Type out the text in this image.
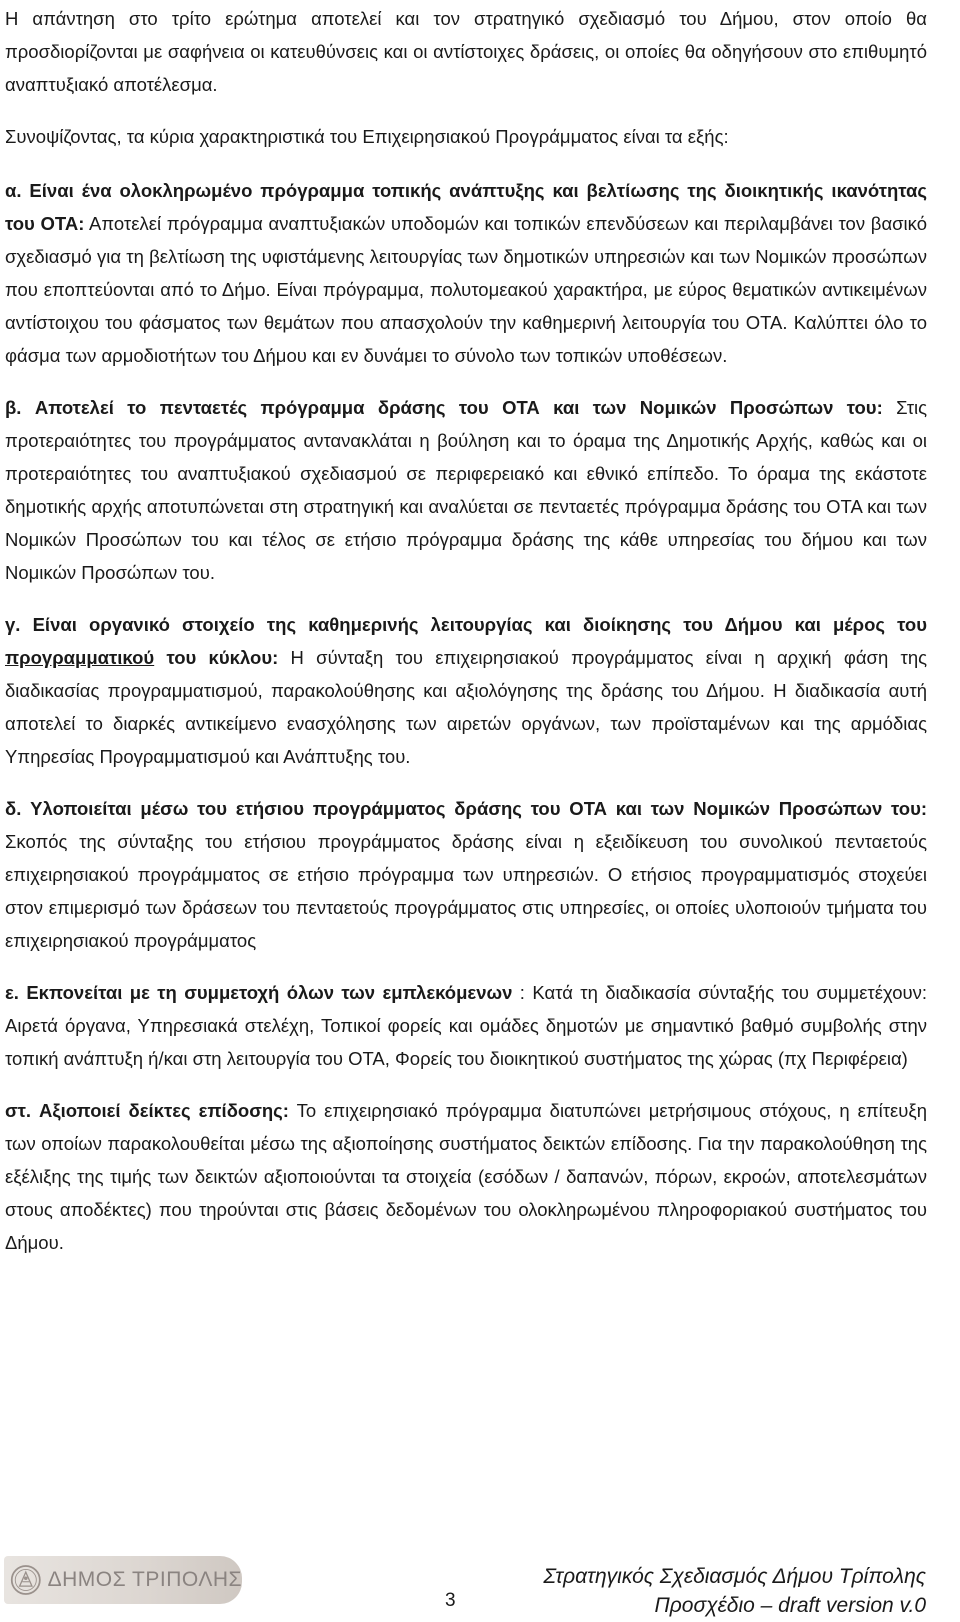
Η απάντηση στο τρίτο ερώτημα αποτελεί και τον στρατηγικό σχεδιασμό του Δήμου, στον οποίο θα προσδιορίζονται με σαφήνεια οι κατευθύνσεις και οι αντίστοιχες δράσεις, οι οποίες θα οδηγήσουν στο επιθυμητό αναπτυξιακό αποτέλεσμα.

Συνοψίζοντας, τα κύρια χαρακτηριστικά του Επιχειρησιακού Προγράμματος είναι τα εξής:

α. Είναι ένα ολοκληρωμένο πρόγραμμα τοπικής ανάπτυξης και βελτίωσης της διοικητικής ικανότητας του ΟΤΑ: Αποτελεί πρόγραμμα αναπτυξιακών υποδομών και τοπικών επενδύσεων και περιλαμβάνει τον βασικό σχεδιασμό για τη βελτίωση της υφιστάμενης λειτουργίας των δημοτικών υπηρεσιών και των Νομικών προσώπων που εποπτεύονται από το Δήμο. Είναι πρόγραμμα, πολυτομεακού χαρακτήρα, με εύρος θεματικών αντικειμένων αντίστοιχου του φάσματος των θεμάτων που απασχολούν την καθημερινή λειτουργία του ΟΤΑ. Καλύπτει όλο το φάσμα των αρμοδιοτήτων του Δήμου και εν δυνάμει το σύνολο των τοπικών υποθέσεων.

β. Αποτελεί το πενταετές πρόγραμμα δράσης του ΟΤΑ και των Νομικών Προσώπων του: Στις προτεραιότητες του προγράμματος αντανακλάται η βούληση και το όραμα της Δημοτικής Αρχής, καθώς και οι προτεραιότητες του αναπτυξιακού σχεδιασμού σε περιφερειακό και εθνικό επίπεδο. Το όραμα της εκάστοτε δημοτικής αρχής αποτυπώνεται στη στρατηγική και αναλύεται σε πενταετές πρόγραμμα δράσης του ΟΤΑ και των Νομικών Προσώπων του και τέλος σε ετήσιο πρόγραμμα δράσης της κάθε υπηρεσίας του δήμου και των Νομικών Προσώπων του.

γ. Είναι οργανικό στοιχείο της καθημερινής λειτουργίας και διοίκησης του Δήμου και μέρος του προγραμματικού του κύκλου: Η σύνταξη του επιχειρησιακού προγράμματος είναι η αρχική φάση της διαδικασίας προγραμματισμού, παρακολούθησης και αξιολόγησης της δράσης του Δήμου. Η διαδικασία αυτή αποτελεί το διαρκές αντικείμενο ενασχόλησης των αιρετών οργάνων, των προϊσταμένων και της αρμόδιας Υπηρεσίας Προγραμματισμού και Ανάπτυξης του.

δ. Υλοποιείται μέσω του ετήσιου προγράμματος δράσης του ΟΤΑ και των Νομικών Προσώπων του: Σκοπός της σύνταξης του ετήσιου προγράμματος δράσης είναι η εξειδίκευση του συνολικού πενταετούς επιχειρησιακού προγράμματος σε ετήσιο πρόγραμμα των υπηρεσιών. Ο ετήσιος προγραμματισμός στοχεύει στον επιμερισμό των δράσεων του πενταετούς προγράμματος στις υπηρεσίες, οι οποίες υλοποιούν τμήματα του επιχειρησιακού προγράμματος

ε. Εκπονείται με τη συμμετοχή όλων των εμπλεκόμενων : Κατά τη διαδικασία σύνταξής του συμμετέχουν: Αιρετά όργανα, Υπηρεσιακά στελέχη, Τοπικοί φορείς και ομάδες δημοτών με σημαντικό βαθμό συμβολής στην τοπική ανάπτυξη ή/και στη λειτουργία του ΟΤΑ, Φορείς του διοικητικού συστήματος της χώρας (πχ Περιφέρεια)

στ. Αξιοποιεί δείκτες επίδοσης: Το επιχειρησιακό πρόγραμμα διατυπώνει μετρήσιμους στόχους, η επίτευξη των οποίων παρακολουθείται μέσω της αξιοποίησης συστήματος δεικτών επίδοσης. Για την παρακολούθηση της εξέλιξης της τιμής των δεικτών αξιοποιούνται τα στοιχεία (εσόδων / δαπανών, πόρων, εκροών, αποτελεσμάτων στους αποδέκτες) που τηρούνται στις βάσεις δεδομένων του ολοκληρωμένου πληροφοριακού συστήματος του Δήμου.

ΔΗΜΟΣ ΤΡΙΠΟΛΗΣ
3
Στρατηγικός Σχεδιασμός Δήμου Τρίπολης
Προσχέδιο – draft version v.0
